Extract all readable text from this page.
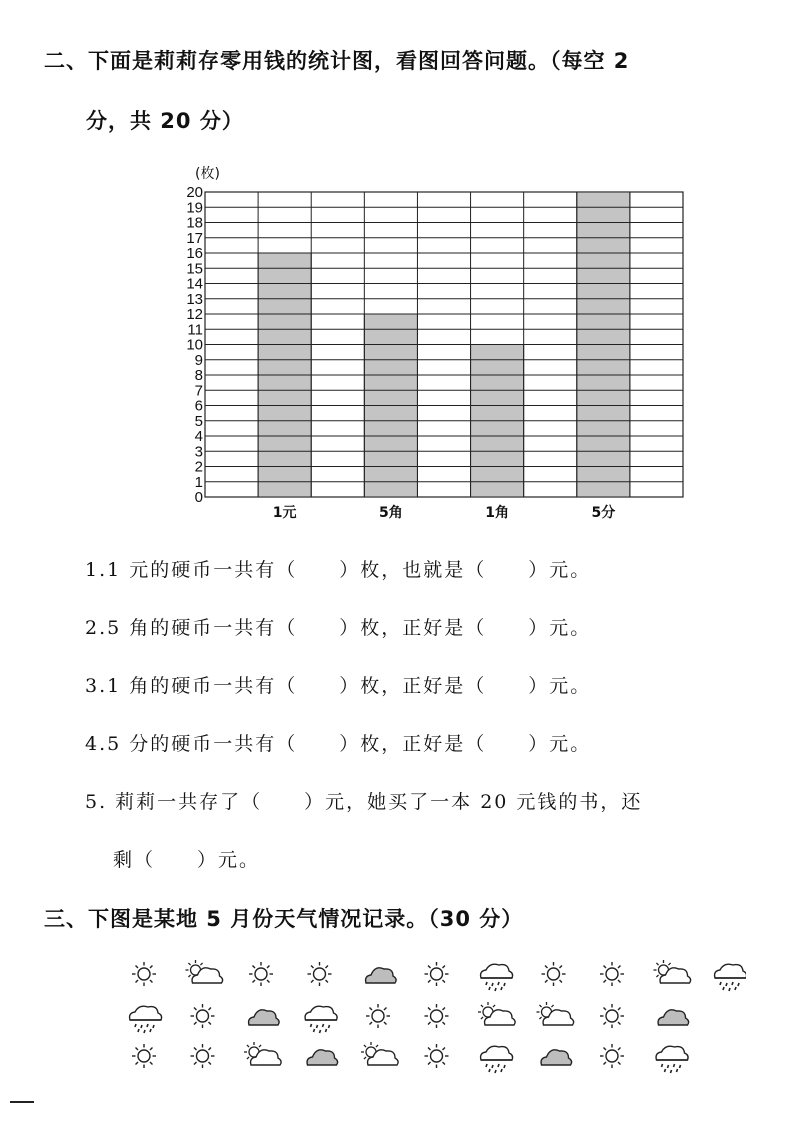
二、下面是莉莉存零用钱的统计图，看图回答问题。（每空 2
分，共 20 分）
0
1
2
3
4
5
6
7
8
9
10
11
12
13
14
15
16
17
18
19
20
(枚)
1元	5角	1角	5分
1.1 元的硬币一共有（　　）枚，也就是（　　）元。
2.5 角的硬币一共有（　　）枚，正好是（　　）元。
3.1 角的硬币一共有（　　）枚，正好是（　　）元。
4.5 分的硬币一共有（　　）枚，正好是（　　）元。
5. 莉莉一共存了（　　）元，她买了一本 20 元钱的书，还
剩（　　）元。
三、下图是某地 5 月份天气情况记录。（30 分）
